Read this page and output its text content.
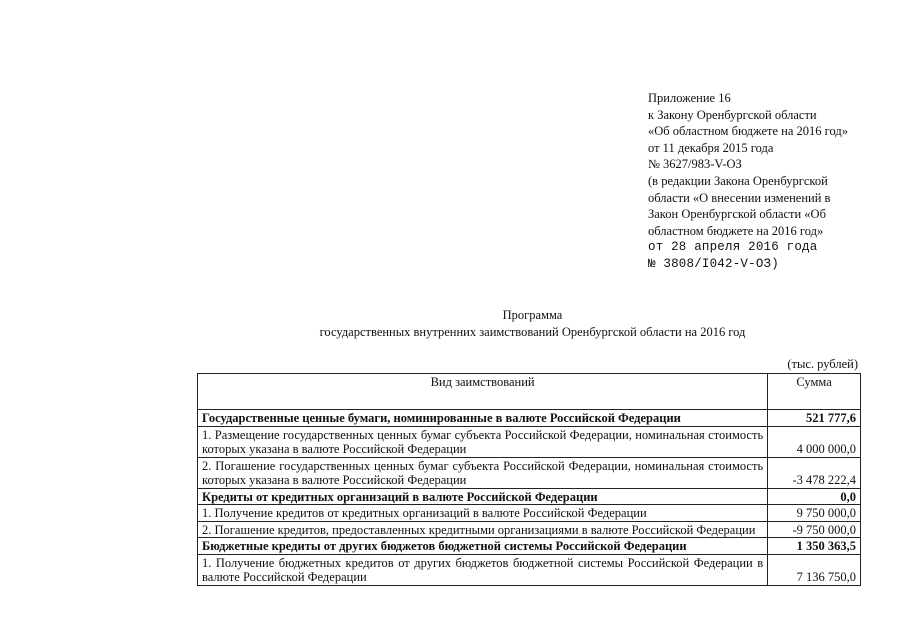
Приложение 16
к Закону Оренбургской области
«Об областном бюджете на 2016 год»
от 11 декабря 2015 года
№ 3627/983-V-ОЗ
(в редакции Закона Оренбургской
области «О внесении изменений в
Закон Оренбургской области «Об
областном бюджете на 2016 год»
от 28 апреля 2016 года
№ 3808/I042-V-ОЗ)
Программа
государственных внутренних заимствований Оренбургской области на 2016 год
(тыс. рублей)
Вид заимствований	Сумма
Государственные ценные бумаги, номинированные в валюте Российской Федерации	521 777,6
1. Размещение государственных ценных бумаг субъекта Российской Федерации, номинальная стоимость которых указана в валюте Российской Федерации	4 000 000,0
2. Погашение государственных ценных бумаг субъекта Российской Федерации, номинальная стоимость которых указана в валюте Российской Федерации	-3 478 222,4
Кредиты от кредитных организаций в валюте Российской Федерации	0,0
1. Получение кредитов от кредитных организаций в валюте Российской Федерации	9 750 000,0
2. Погашение кредитов, предоставленных кредитными организациями в валюте Российской Федерации	-9 750 000,0
Бюджетные кредиты от других бюджетов бюджетной системы Российской Федерации	1 350 363,5
1. Получение бюджетных кредитов от других бюджетов бюджетной системы Российской Федерации в валюте Российской Федерации	7 136 750,0
